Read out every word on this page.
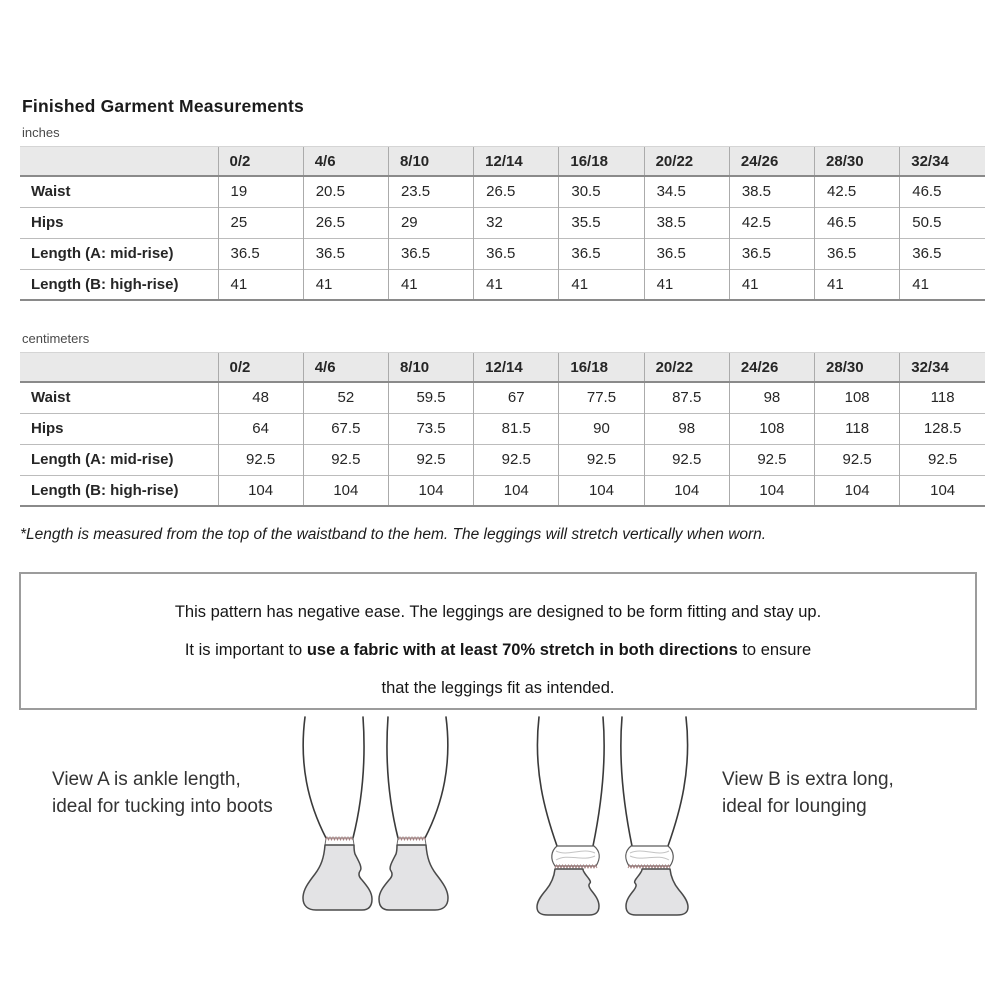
Finished Garment Measurements
inches
	0/2	4/6	8/10	12/14	16/18	20/22	24/26	28/30	32/34
Waist	19	20.5	23.5	26.5	30.5	34.5	38.5	42.5	46.5
Hips	25	26.5	29	32	35.5	38.5	42.5	46.5	50.5
Length (A: mid-rise)	36.5	36.5	36.5	36.5	36.5	36.5	36.5	36.5	36.5
Length (B: high-rise)	41	41	41	41	41	41	41	41	41
centimeters
	0/2	4/6	8/10	12/14	16/18	20/22	24/26	28/30	32/34
Waist	48	52	59.5	67	77.5	87.5	98	108	118
Hips	64	67.5	73.5	81.5	90	98	108	118	128.5
Length (A: mid-rise)	92.5	92.5	92.5	92.5	92.5	92.5	92.5	92.5	92.5
Length (B: high-rise)	104	104	104	104	104	104	104	104	104
*Length is measured from the top of the waistband to the hem. The leggings will stretch vertically when worn.
This pattern has negative ease. The leggings are designed to be form fitting and stay up.
It is important to use a fabric with at least 70% stretch in both directions to ensure
that the leggings fit as intended.
View A is ankle length,
ideal for tucking into boots
View B is extra long,
ideal for lounging
